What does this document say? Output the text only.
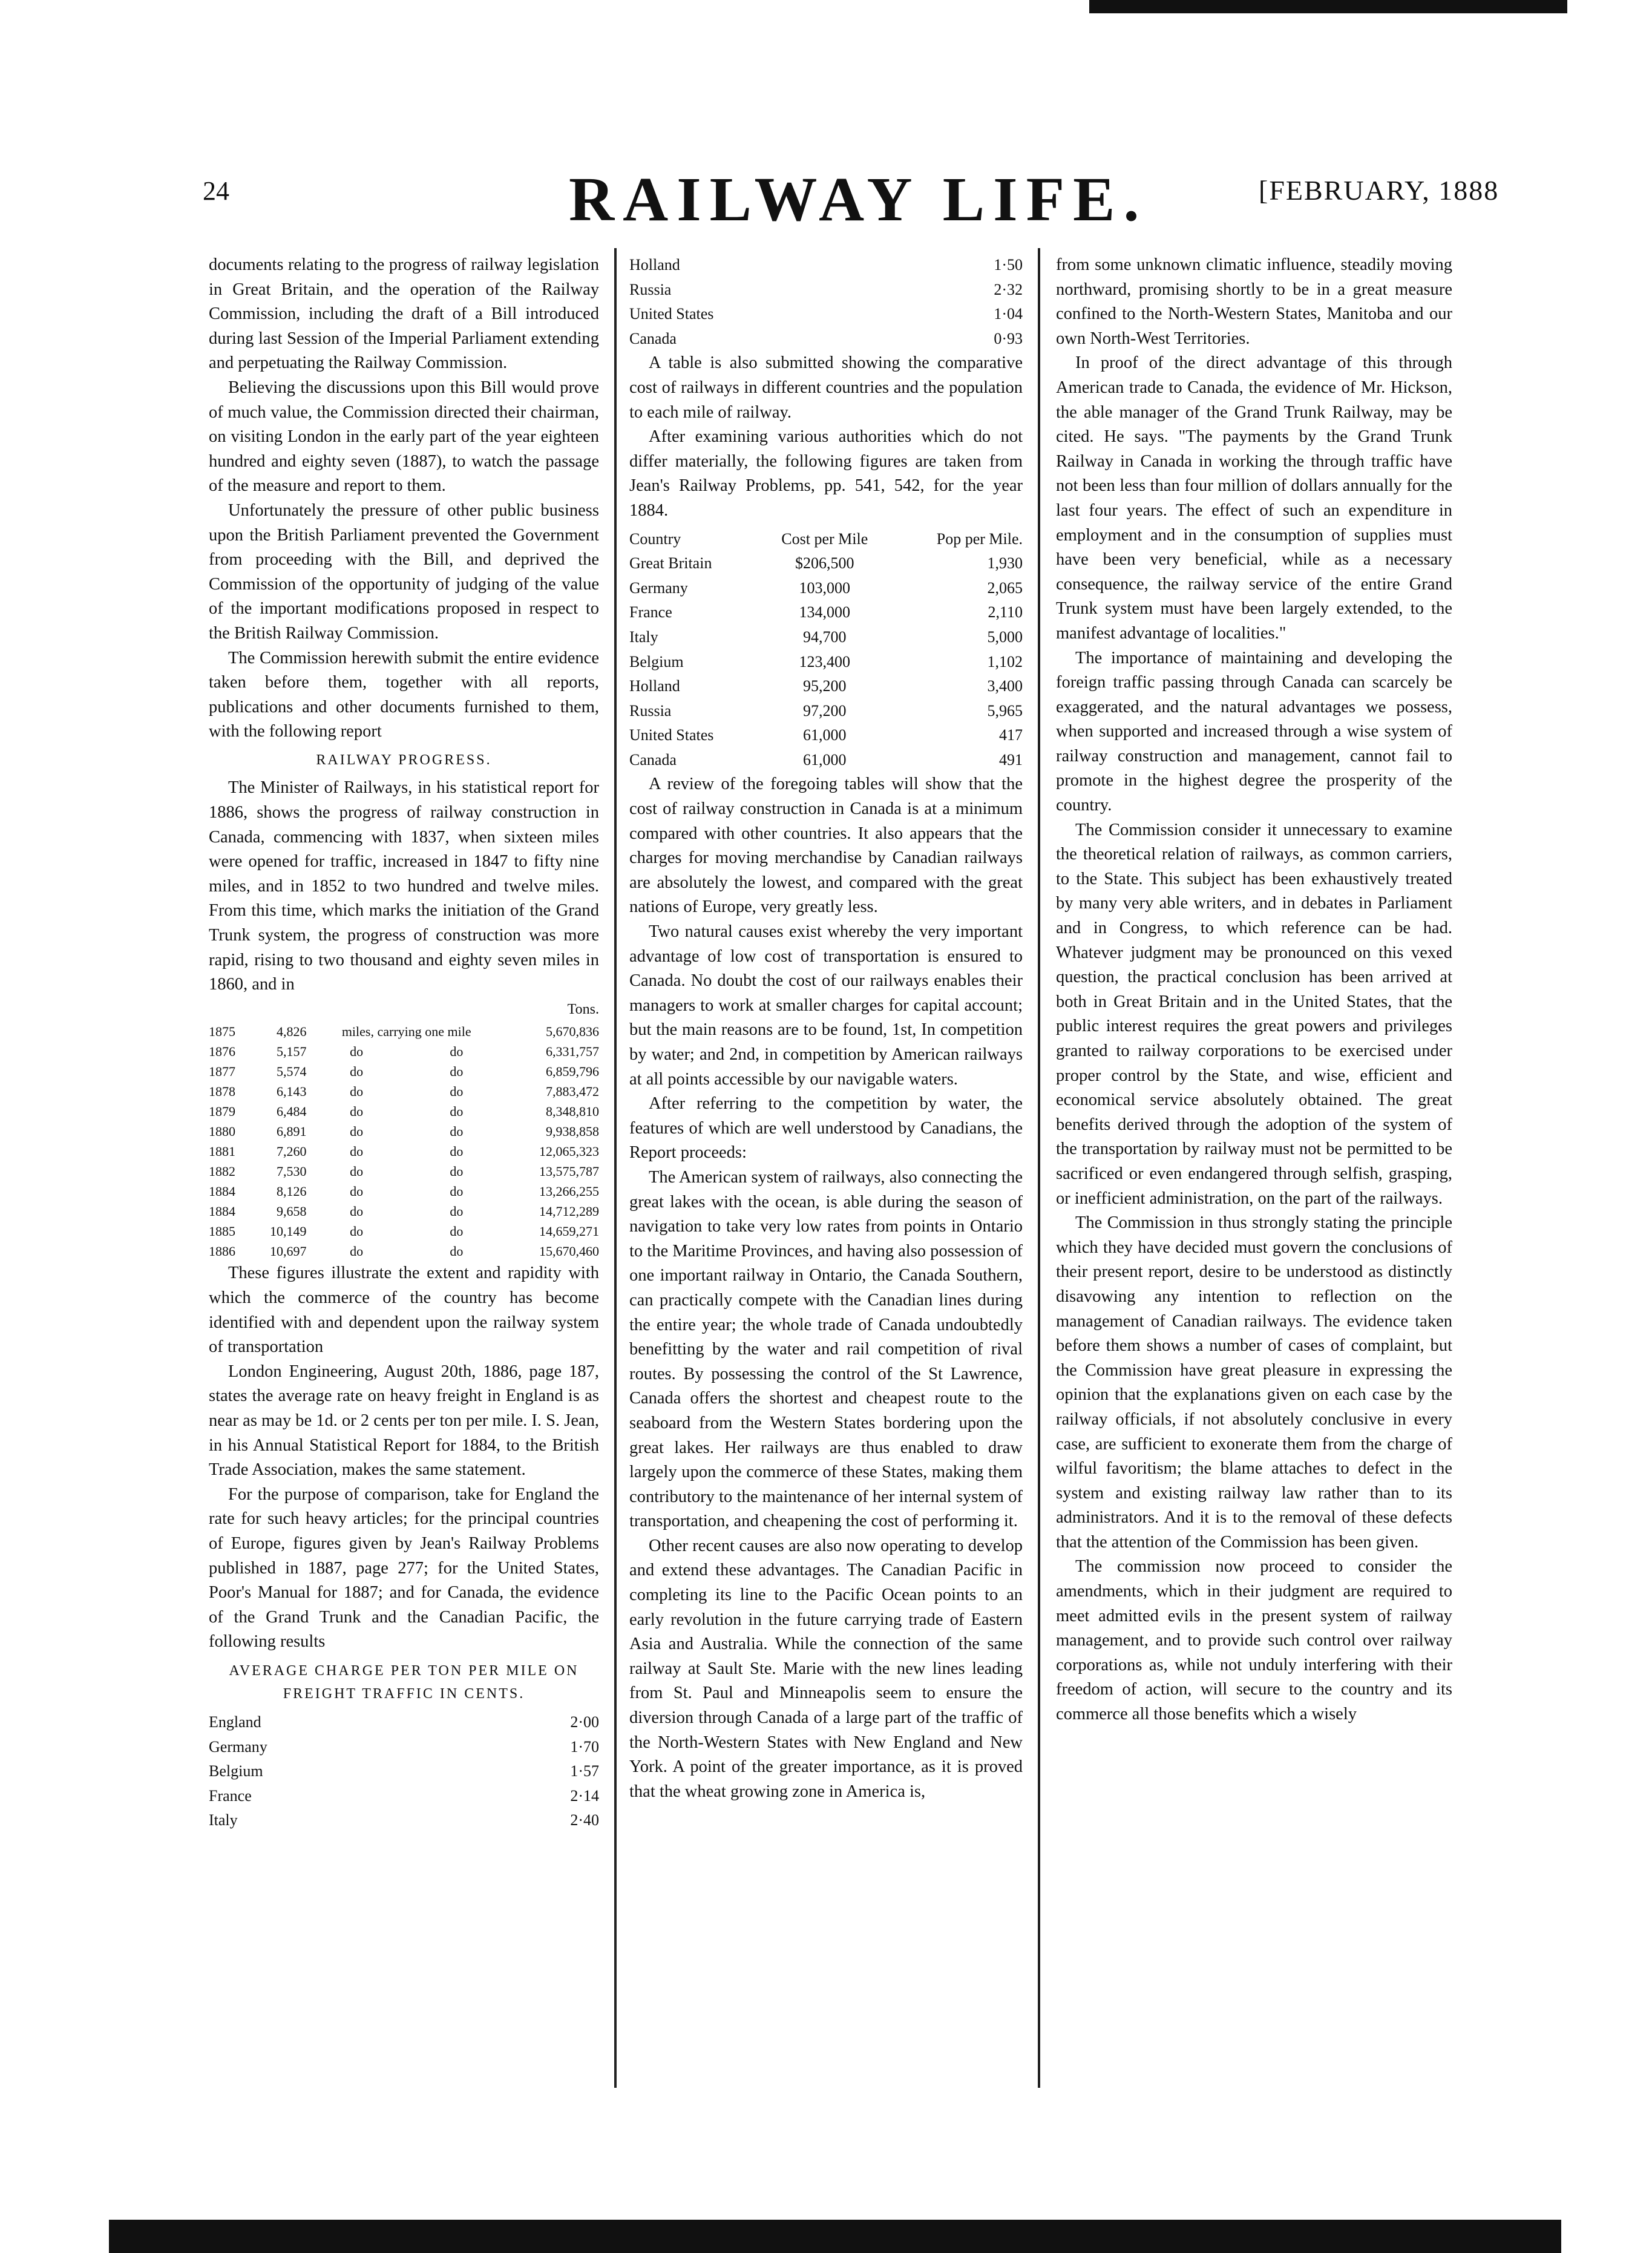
24	RAILWAY LIFE.	[FEBRUARY, 1888

documents relating to the progress of railway legislation in Great Britain, and the operation of the Railway Commission, including the draft of a Bill introduced during last Session of the Imperial Parliament extending and perpetuating the Railway Commission.

Believing the discussions upon this Bill would prove of much value, the Commission directed their chairman, on visiting London in the early part of the year eighteen hundred and eighty seven (1887), to watch the passage of the measure and report to them.

Unfortunately the pressure of other public business upon the British Parliament prevented the Government from proceeding with the Bill, and deprived the Commission of the opportunity of judging of the value of the important modifications proposed in respect to the British Railway Commission.

The Commission herewith submit the entire evidence taken before them, together with all reports, publications and other documents furnished to them, with the following report

RAILWAY PROGRESS.

The Minister of Railways, in his statistical report for 1886, shows the progress of railway construction in Canada, commencing with 1837, when sixteen miles were opened for traffic, increased in 1847 to fifty nine miles, and in 1852 to two hundred and twelve miles. From this time, which marks the initiation of the Grand Trunk system, the progress of construction was more rapid, rising to two thousand and eighty seven miles in 1860, and in

Tons.
1875	4,826	miles, carrying one mile		5,670,836
1876	5,157	do	do	6,331,757
1877	5,574	do	do	6,859,796
1878	6,143	do	do	7,883,472
1879	6,484	do	do	8,348,810
1880	6,891	do	do	9,938,858
1881	7,260	do	do	12,065,323
1882	7,530	do	do	13,575,787
1884	8,126	do	do	13,266,255
1884	9,658	do	do	14,712,289
1885	10,149	do	do	14,659,271
1886	10,697	do	do	15,670,460

These figures illustrate the extent and rapidity with which the commerce of the country has become identified with and dependent upon the railway system of transportation

London Engineering, August 20th, 1886, page 187, states the average rate on heavy freight in England is as near as may be 1d. or 2 cents per ton per mile. I. S. Jean, in his Annual Statistical Report for 1884, to the British Trade Association, makes the same statement.

For the purpose of comparison, take for England the rate for such heavy articles; for the principal countries of Europe, figures given by Jean's Railway Problems published in 1887, page 277; for the United States, Poor's Manual for 1887; and for Canada, the evidence of the Grand Trunk and the Canadian Pacific, the following results

AVERAGE CHARGE PER TON PER MILE ON FREIGHT TRAFFIC IN CENTS.
England	2·00
Germany	1·70
Belgium	1·57
France	2·14
Italy	2·40
Holland	1·50
Russia	2·32
United States	1·04
Canada	0·93

A table is also submitted showing the comparative cost of railways in different countries and the population to each mile of railway.

After examining various authorities which do not differ materially, the following figures are taken from Jean's Railway Problems, pp. 541, 542, for the year 1884.

Country	Cost per Mile	Pop per Mile.
Great Britain	$206,500	1,930
Germany	103,000	2,065
France	134,000	2,110
Italy	94,700	5,000
Belgium	123,400	1,102
Holland	95,200	3,400
Russia	97,200	5,965
United States	61,000	417
Canada	61,000	491

A review of the foregoing tables will show that the cost of railway construction in Canada is at a minimum compared with other countries. It also appears that the charges for moving merchandise by Canadian railways are absolutely the lowest, and compared with the great nations of Europe, very greatly less.

Two natural causes exist whereby the very important advantage of low cost of transportation is ensured to Canada. No doubt the cost of our railways enables their managers to work at smaller charges for capital account; but the main reasons are to be found, 1st, In competition by water; and 2nd, in competition by American railways at all points accessible by our navigable waters.

After referring to the competition by water, the features of which are well understood by Canadians, the Report proceeds:

The American system of railways, also connecting the great lakes with the ocean, is able during the season of navigation to take very low rates from points in Ontario to the Maritime Provinces, and having also possession of one important railway in Ontario, the Canada Southern, can practically compete with the Canadian lines during the entire year; the whole trade of Canada undoubtedly benefitting by the water and rail competition of rival routes. By possessing the control of the St Lawrence, Canada offers the shortest and cheapest route to the seaboard from the Western States bordering upon the great lakes. Her railways are thus enabled to draw largely upon the commerce of these States, making them contributory to the maintenance of her internal system of transportation, and cheapening the cost of performing it.

Other recent causes are also now operating to develop and extend these advantages. The Canadian Pacific in completing its line to the Pacific Ocean points to an early revolution in the future carrying trade of Eastern Asia and Australia. While the connection of the same railway at Sault Ste. Marie with the new lines leading from St. Paul and Minneapolis seem to ensure the diversion through Canada of a large part of the traffic of the North-Western States with New England and New York. A point of the greater importance, as it is proved that the wheat growing zone in America is,

from some unknown climatic influence, steadily moving northward, promising shortly to be in a great measure confined to the North-Western States, Manitoba and our own North-West Territories.

In proof of the direct advantage of this through American trade to Canada, the evidence of Mr. Hickson, the able manager of the Grand Trunk Railway, may be cited. He says. "The payments by the Grand Trunk Railway in Canada in working the through traffic have not been less than four million of dollars annually for the last four years. The effect of such an expenditure in employment and in the consumption of supplies must have been very beneficial, while as a necessary consequence, the railway service of the entire Grand Trunk system must have been largely extended, to the manifest advantage of localities."

The importance of maintaining and developing the foreign traffic passing through Canada can scarcely be exaggerated, and the natural advantages we possess, when supported and increased through a wise system of railway construction and management, cannot fail to promote in the highest degree the prosperity of the country.

The Commission consider it unnecessary to examine the theoretical relation of railways, as common carriers, to the State. This subject has been exhaustively treated by many very able writers, and in debates in Parliament and in Congress, to which reference can be had. Whatever judgment may be pronounced on this vexed question, the practical conclusion has been arrived at both in Great Britain and in the United States, that the public interest requires the great powers and privileges granted to railway corporations to be exercised under proper control by the State, and wise, efficient and economical service absolutely obtained. The great benefits derived through the adoption of the system of the transportation by railway must not be permitted to be sacrificed or even endangered through selfish, grasping, or inefficient administration, on the part of the railways.

The Commission in thus strongly stating the principle which they have decided must govern the conclusions of their present report, desire to be understood as distinctly disavowing any intention to reflection on the management of Canadian railways. The evidence taken before them shows a number of cases of complaint, but the Commission have great pleasure in expressing the opinion that the explanations given on each case by the railway officials, if not absolutely conclusive in every case, are sufficient to exonerate them from the charge of wilful favoritism; the blame attaches to defect in the system and existing railway law rather than to its administrators. And it is to the removal of these defects that the attention of the Commission has been given.

The commission now proceed to consider the amendments, which in their judgment are required to meet admitted evils in the present system of railway management, and to provide such control over railway corporations as, while not unduly interfering with their freedom of action, will secure to the country and its commerce all those benefits which a wisely
